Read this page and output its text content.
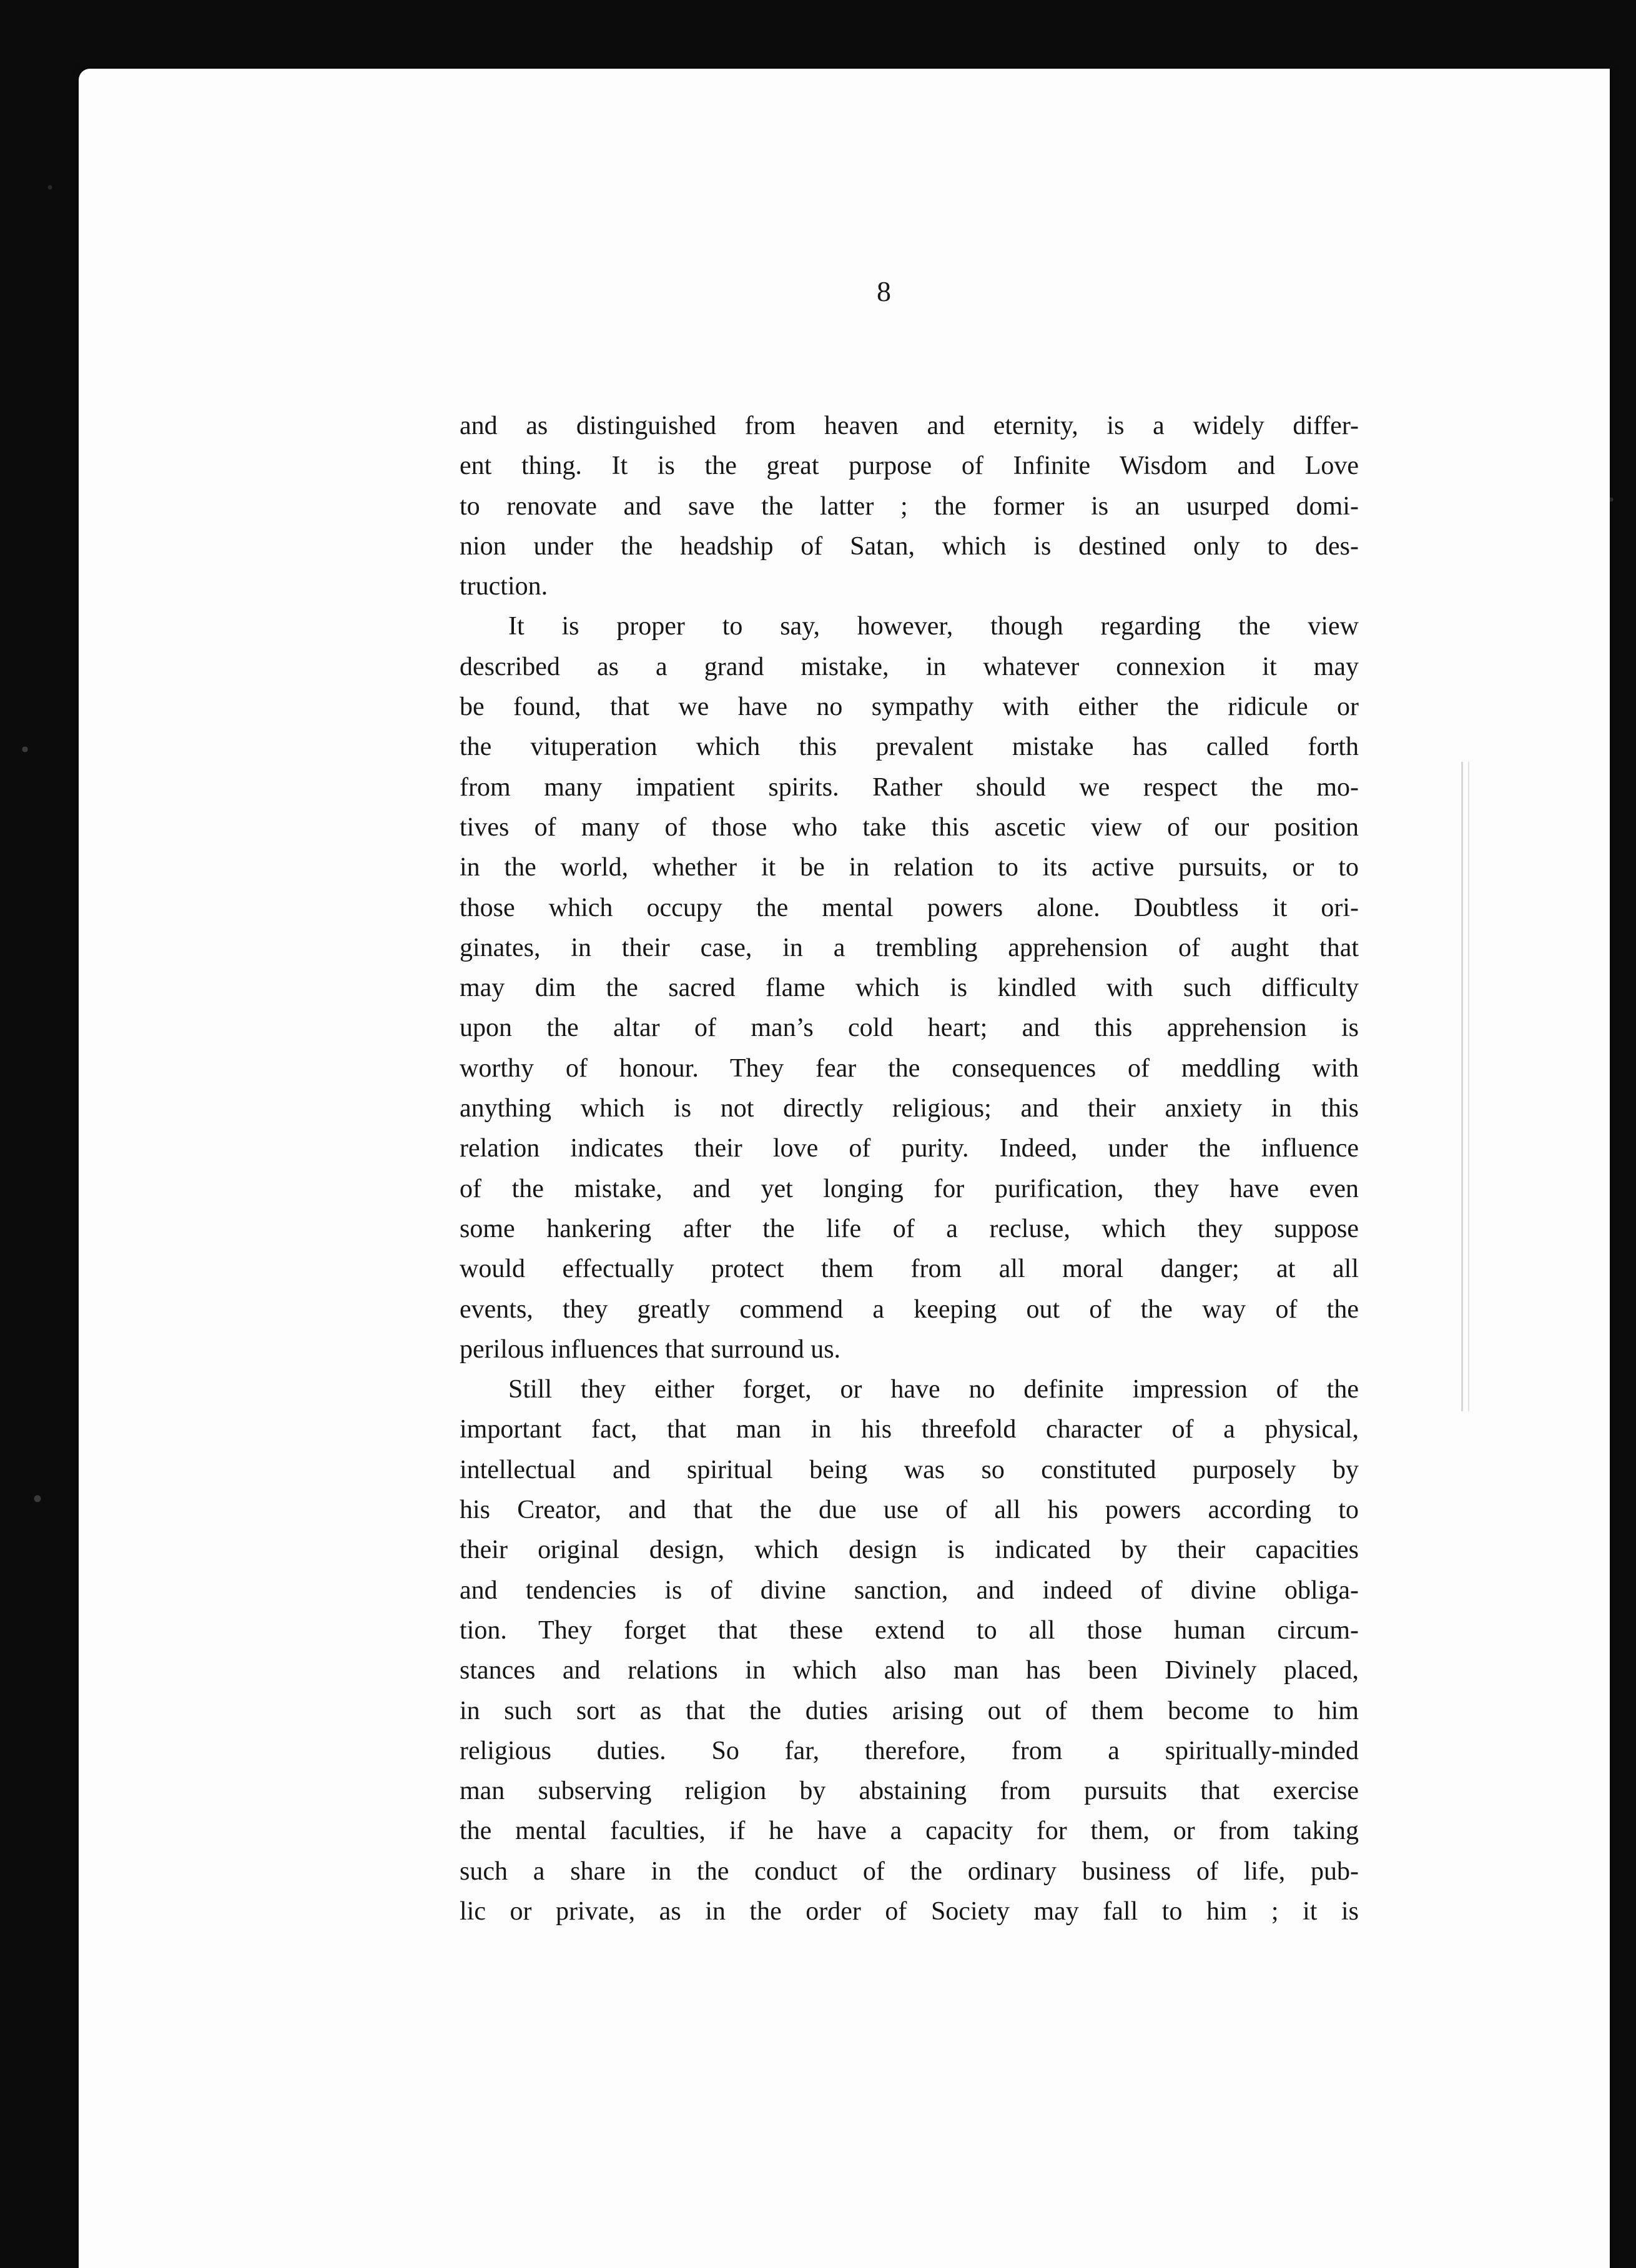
8
and as distinguished from heaven and eternity, is a widely differ-
ent thing. It is the great purpose of Infinite Wisdom and Love
to renovate and save the latter ; the former is an usurped domi-
nion under the headship of Satan, which is destined only to des-
truction.
It is proper to say, however, though regarding the view
described as a grand mistake, in whatever connexion it may
be found, that we have no sympathy with either the ridicule or
the vituperation which this prevalent mistake has called forth
from many impatient spirits. Rather should we respect the mo-
tives of many of those who take this ascetic view of our position
in the world, whether it be in relation to its active pursuits, or to
those which occupy the mental powers alone. Doubtless it ori-
ginates, in their case, in a trembling apprehension of aught that
may dim the sacred flame which is kindled with such difficulty
upon the altar of man’s cold heart; and this apprehension is
worthy of honour. They fear the consequences of meddling with
anything which is not directly religious; and their anxiety in this
relation indicates their love of purity. Indeed, under the influence
of the mistake, and yet longing for purification, they have even
some hankering after the life of a recluse, which they suppose
would effectually protect them from all moral danger; at all
events, they greatly commend a keeping out of the way of the
perilous influences that surround us.
Still they either forget, or have no definite impression of the
important fact, that man in his threefold character of a physical,
intellectual and spiritual being was so constituted purposely by
his Creator, and that the due use of all his powers according to
their original design, which design is indicated by their capacities
and tendencies is of divine sanction, and indeed of divine obliga-
tion. They forget that these extend to all those human circum-
stances and relations in which also man has been Divinely placed,
in such sort as that the duties arising out of them become to him
religious duties. So far, therefore, from a spiritually-minded
man subserving religion by abstaining from pursuits that exercise
the mental faculties, if he have a capacity for them, or from taking
such a share in the conduct of the ordinary business of life, pub-
lic or private, as in the order of Society may fall to him ; it is
